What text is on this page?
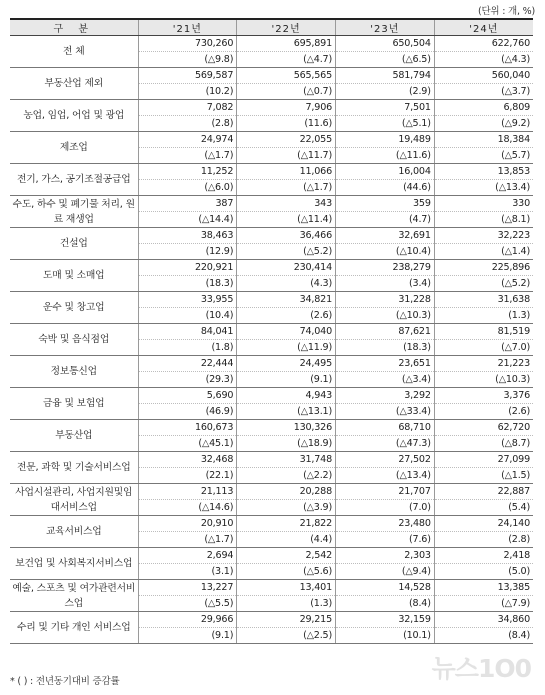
(단위 : 개, %)
구 분	'21년	'22년	'23년	'24년
전 체	730,260	695,891	650,504	622,760
	(△9.8)	(△4.7)	(△6.5)	(△4.3)
부동산업 제외	569,587	565,565	581,794	560,040
	(10.2)	(△0.7)	(2.9)	(△3.7)
농업, 임업, 어업 및 광업	7,082	7,906	7,501	6,809
	(2.8)	(11.6)	(△5.1)	(△9.2)
제조업	24,974	22,055	19,489	18,384
	(△1.7)	(△11.7)	(△11.6)	(△5.7)
전기, 가스, 공기조절공급업	11,252	11,066	16,004	13,853
	(△6.0)	(△1.7)	(44.6)	(△13.4)
수도, 하수 및 폐기물 처리, 원료 재생업	387	343	359	330
	(△14.4)	(△11.4)	(4.7)	(△8.1)
건설업	38,463	36,466	32,691	32,223
	(12.9)	(△5.2)	(△10.4)	(△1.4)
도매 및 소매업	220,921	230,414	238,279	225,896
	(18.3)	(4.3)	(3.4)	(△5.2)
운수 및 창고업	33,955	34,821	31,228	31,638
	(10.4)	(2.6)	(△10.3)	(1.3)
숙박 및 음식점업	84,041	74,040	87,621	81,519
	(1.8)	(△11.9)	(18.3)	(△7.0)
정보통신업	22,444	24,495	23,651	21,223
	(29.3)	(9.1)	(△3.4)	(△10.3)
금융 및 보험업	5,690	4,943	3,292	3,376
	(46.9)	(△13.1)	(△33.4)	(2.6)
부동산업	160,673	130,326	68,710	62,720
	(△45.1)	(△18.9)	(△47.3)	(△8.7)
전문, 과학 및 기술서비스업	32,468	31,748	27,502	27,099
	(22.1)	(△2.2)	(△13.4)	(△1.5)
사업시설관리, 사업지원및임대서비스업	21,113	20,288	21,707	22,887
	(△14.6)	(△3.9)	(7.0)	(5.4)
교육서비스업	20,910	21,822	23,480	24,140
	(△1.7)	(4.4)	(7.6)	(2.8)
보건업 및 사회복지서비스업	2,694	2,542	2,303	2,418
	(3.1)	(△5.6)	(△9.4)	(5.0)
예술, 스포츠 및 여가관련서비스업	13,227	13,401	14,528	13,385
	(△5.5)	(1.3)	(8.4)	(△7.9)
수리 및 기타 개인 서비스업	29,966	29,215	32,159	34,860
	(9.1)	(△2.5)	(10.1)	(8.4)
* ( ) : 전년동기대비 증감률	뉴스1O0
